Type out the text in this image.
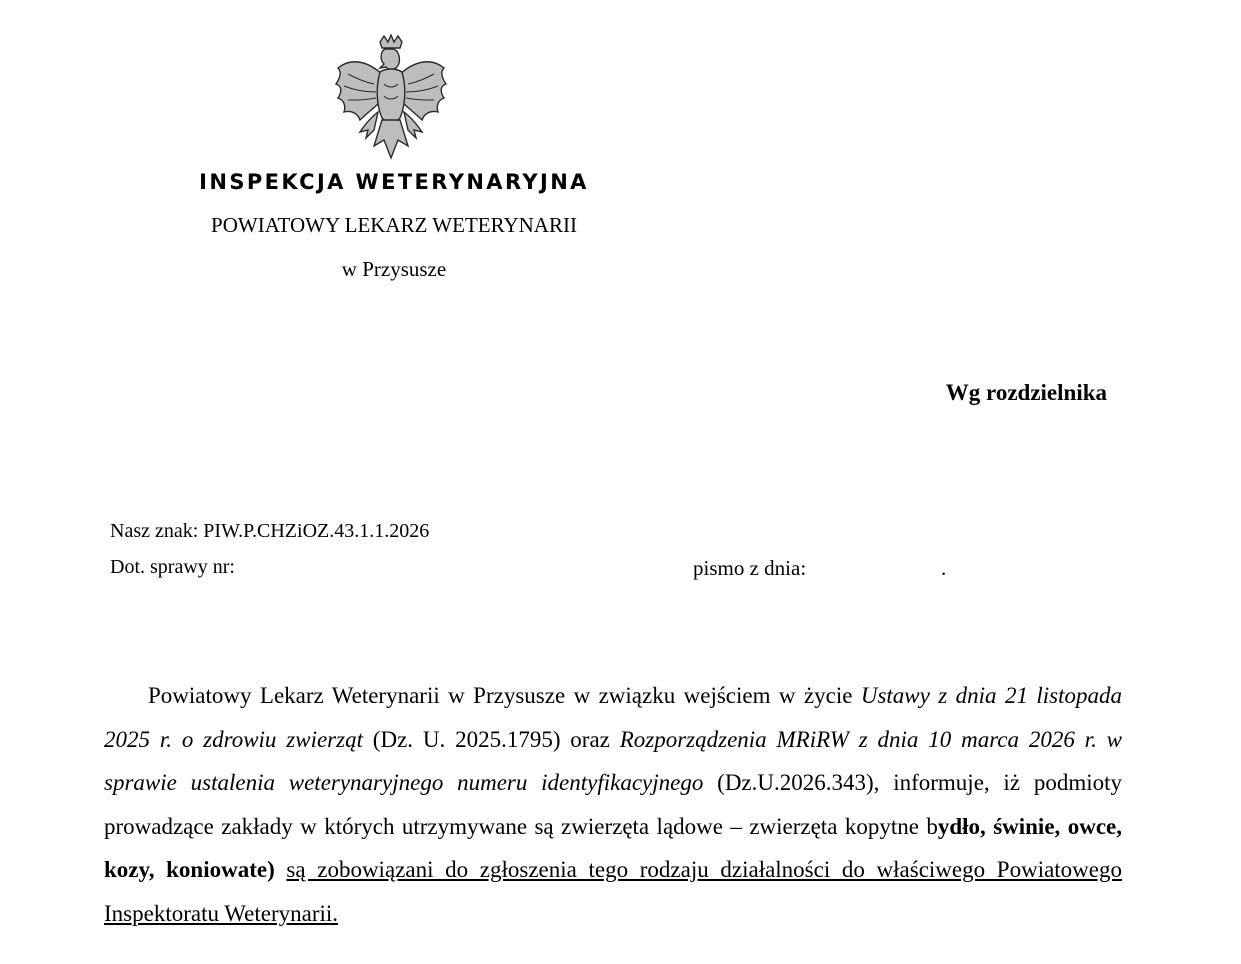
INSPEKCJA WETERYNARYJNA
POWIATOWY LEKARZ WETERYNARII
w Przysusze
Wg rozdzielnika
Nasz znak: PIW.P.CHZiOZ.43.1.1.2026
Dot. sprawy nr:	pismo z dnia:	.

Powiatowy Lekarz Weterynarii w Przysusze w związku wejściem w życie Ustawy z dnia 21 listopada 2025 r. o zdrowiu zwierząt (Dz. U. 2025.1795) oraz Rozporządzenia MRiRW z dnia 10 marca 2026 r. w sprawie ustalenia weterynaryjnego numeru identyfikacyjnego (Dz.U.2026.343), informuje, iż podmioty prowadzące zakłady w których utrzymywane są zwierzęta lądowe – zwierzęta kopytne bydło, świnie, owce, kozy, koniowate) są zobowiązani do zgłoszenia tego rodzaju działalności do właściwego Powiatowego Inspektoratu Weterynarii.
